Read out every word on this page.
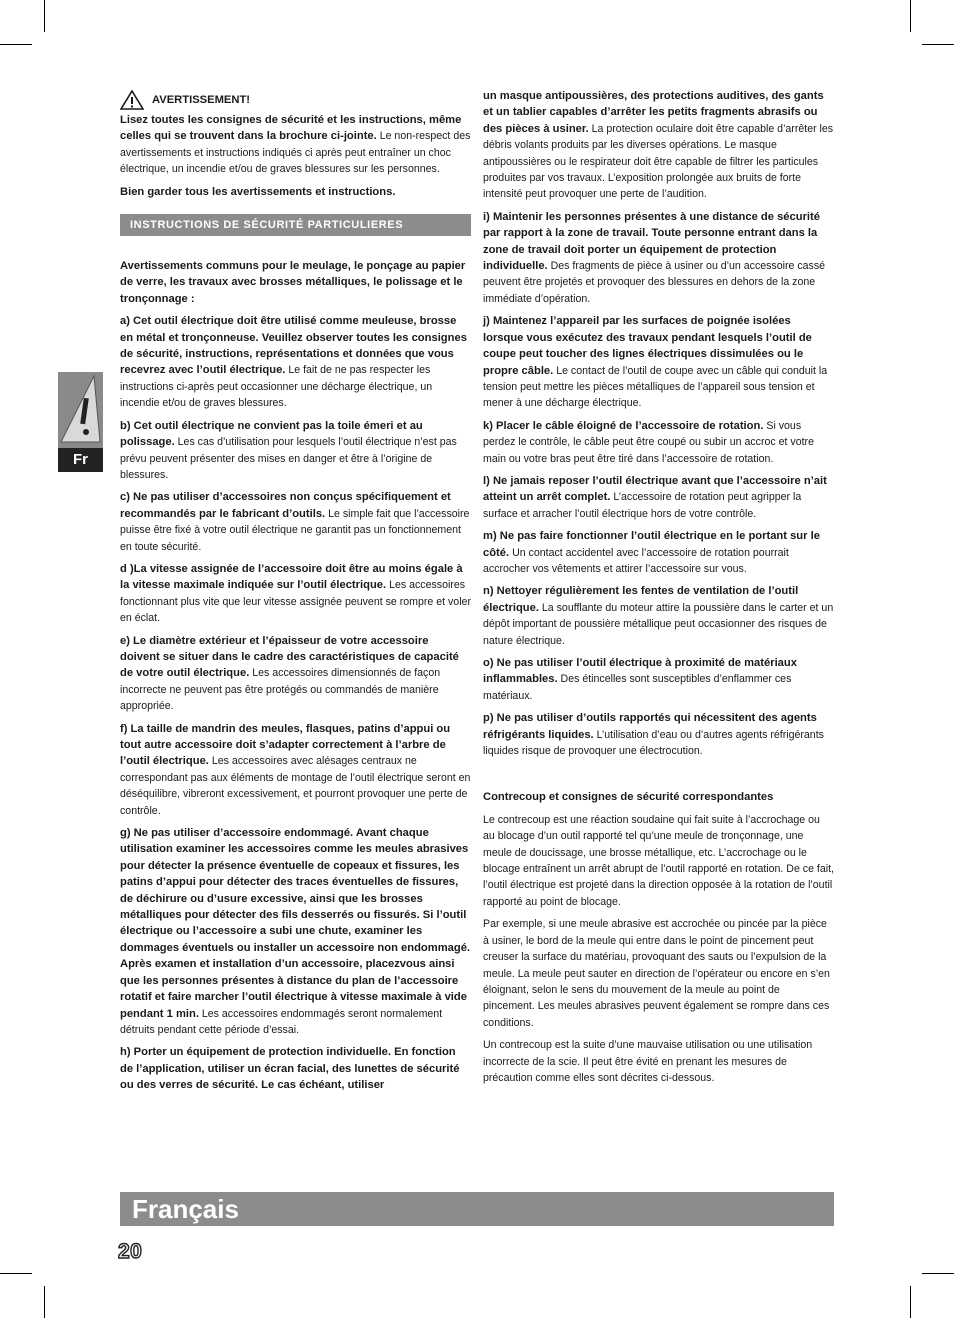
Fr
AVERTISSEMENT!

Lisez toutes les consignes de sécurité et les instructions, même celles qui se trouvent dans la brochure ci-jointe. Le non-respect des avertissements et instructions indiqués ci après peut entraîner un choc électrique, un incendie et/ou de graves blessures sur les personnes.

Bien garder tous les avertissements et instructions.

INSTRUCTIONS DE SÉCURITÉ PARTICULIERES

Avertissements communs pour le meulage, le ponçage au papier de verre, les travaux avec brosses métalliques, le polissage et le tronçonnage :

a) Cet outil électrique doit être utilisé comme meuleuse, brosse en métal et tronçonneuse. Veuillez observer toutes les consignes de sécurité, instructions, représentations et données que vous recevrez avec l’outil électrique. Le fait de ne pas respecter les instructions ci-après peut occasionner une décharge électrique, un incendie et/ou de graves blessures.

b) Cet outil électrique ne convient pas la toile émeri et au polissage. Les cas d’utilisation pour lesquels l’outil électrique n’est pas prévu peuvent présenter des mises en danger et être à l’origine de blessures.

c) Ne pas utiliser d’accessoires non conçus spécifiquement et recommandés par le fabricant d’outils. Le simple fait que l’accessoire puisse être fixé à votre outil électrique ne garantit pas un fonctionnement en toute sécurité.

d )La vitesse assignée de l’accessoire doit être au moins égale à la vitesse maximale indiquée sur l’outil électrique. Les accessoires fonctionnant plus vite que leur vitesse assignée peuvent se rompre et voler en éclat.

e) Le diamètre extérieur et l’épaisseur de votre accessoire doivent se situer dans le cadre des caractéristiques de capacité de votre outil électrique. Les accessoires dimensionnés de façon incorrecte ne peuvent pas être protégés ou commandés de manière appropriée.

f) La taille de mandrin des meules, flasques, patins d’appui ou tout autre accessoire doit s’adapter correctement à l’arbre de l’outil électrique. Les accessoires avec alésages centraux ne correspondant pas aux éléments de montage de l’outil électrique seront en déséquilibre, vibreront excessivement, et pourront provoquer une perte de contrôle.

g) Ne pas utiliser d’accessoire endommagé. Avant chaque utilisation examiner les accessoires comme les meules abrasives pour détecter la présence éventuelle de copeaux et fissures, les patins d’appui pour détecter des traces éventuelles de fissures, de déchirure ou d’usure excessive, ainsi que les brosses métalliques pour détecter des fils desserrés ou fissurés. Si l’outil électrique ou l’accessoire a subi une chute, examiner les dommages éventuels ou installer un accessoire non endommagé. Après examen et installation d’un accessoire, placezvous ainsi que les personnes présentes à distance du plan de l’accessoire rotatif et faire marcher l’outil électrique à vitesse maximale à vide pendant 1 min. Les accessoires endommagés seront normalement détruits pendant cette période d’essai.

h) Porter un équipement de protection individuelle. En fonction de l’application, utiliser un écran facial, des lunettes de sécurité ou des verres de sécurité. Le cas échéant, utiliser

un masque antipoussières, des protections auditives, des gants et un tablier capables d’arrêter les petits fragments abrasifs ou des pièces à usiner. La protection oculaire doit être capable d’arrêter les débris volants produits par les diverses opérations. Le masque antipoussières ou le respirateur doit être capable de filtrer les particules produites par vos travaux. L’exposition prolongée aux bruits de forte intensité peut provoquer une perte de l’audition.

i) Maintenir les personnes présentes à une distance de sécurité par rapport à la zone de travail. Toute personne entrant dans la zone de travail doit porter un équipement de protection individuelle. Des fragments de pièce à usiner ou d’un accessoire cassé peuvent être projetés et provoquer des blessures en dehors de la zone immédiate d’opération.

j) Maintenez l’appareil par les surfaces de poignée isolées lorsque vous exécutez des travaux pendant lesquels l’outil de coupe peut toucher des lignes électriques dissimulées ou le propre câble. Le contact de l’outil de coupe avec un câble qui conduit la tension peut mettre les pièces métalliques de l’appareil sous tension et mener à une décharge électrique.

k) Placer le câble éloigné de l’accessoire de rotation. Si vous perdez le contrôle, le câble peut être coupé ou subir un accroc et votre main ou votre bras peut être tiré dans l’accessoire de rotation.

l) Ne jamais reposer l’outil électrique avant que l’accessoire n’ait atteint un arrêt complet. L’accessoire de rotation peut agripper la surface et arracher l’outil électrique hors de votre contrôle.

m) Ne pas faire fonctionner l’outil électrique en le portant sur le côté. Un contact accidentel avec l’accessoire de rotation pourrait accrocher vos vêtements et attirer l’accessoire sur vous.

n) Nettoyer régulièrement les fentes de ventilation de l’outil électrique. La soufflante du moteur attire la poussière dans le carter et un dépôt important de poussière métallique peut occasionner des risques de nature électrique.

o) Ne pas utiliser l’outil électrique à proximité de matériaux inflammables. Des étincelles sont susceptibles d’enflammer ces matériaux.

p) Ne pas utiliser d’outils rapportés qui nécessitent des agents réfrigérants liquides. L’utilisation d’eau ou d’autres agents réfrigérants liquides risque de provoquer une électrocution.

Contrecoup et consignes de sécurité correspondantes

Le contrecoup est une réaction soudaine qui fait suite à l’accrochage ou au blocage d’un outil rapporté tel qu’une meule de tronçonnage, une meule de doucissage, une brosse métallique, etc. L’accrochage ou le blocage entraînent un arrêt abrupt de l’outil rapporté en rotation. De ce fait, l’outil électrique est projeté dans la direction opposée à la rotation de l’outil rapporté au point de blocage.

Par exemple, si une meule abrasive est accrochée ou pincée par la pièce à usiner, le bord de la meule qui entre dans le point de pincement peut creuser la surface du matériau, provoquant des sauts ou l’expulsion de la meule. La meule peut sauter en direction de l’opérateur ou encore en s’en éloignant, selon le sens du mouvement de la meule au point de pincement. Les meules abrasives peuvent également se rompre dans ces conditions.

Un contrecoup est la suite d’une mauvaise utilisation ou une utilisation incorrecte de la scie. Il peut être évité en prenant les mesures de précaution comme elles sont décrites ci-dessous.

Français
20
